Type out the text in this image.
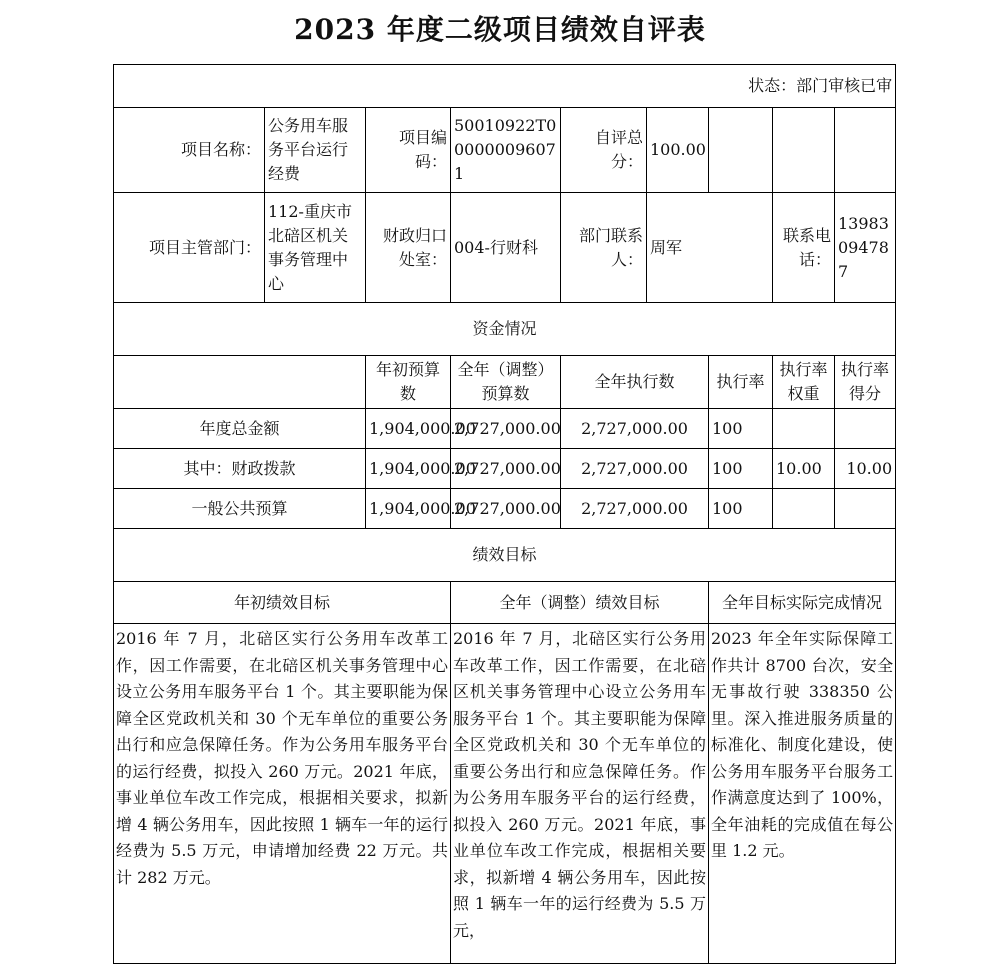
2023 年度二级项目绩效自评表
状态：部门审核已审								
项目名称：	公务用车服务平台运行经费	项目编码：	50010922T000000096071	自评总分：	100.00			
项目主管部门：	112-重庆市北碚区机关事务管理中心	财政归口处室：	004-行财科	部门联系人：	周军		联系电话：	13983094787
资金情况								
		年初预算数	全年（调整）预算数	全年执行数		执行率	执行率权重	执行率得分
年度总金额		1,904,000.00	2,727,000.00	2,727,000.00		100		
其中：财政拨款		1,904,000.00	2,727,000.00	2,727,000.00		100	10.00	10.00
一般公共预算		1,904,000.00	2,727,000.00	2,727,000.00		100		
绩效目标								
年初绩效目标			全年（调整）绩效目标			全年目标实际完成情况		
2016 年 7 月，北碚区实行公务用车改革工作，因工作需要，在北碚区机关事务管理中心设立公务用车服务平台 1 个。其主要职能为保障全区党政机关和 30 个无车单位的重要公务出行和应急保障任务。作为公务用车服务平台的运行经费，拟投入 260 万元。2021 年底，事业单位车改工作完成，根据相关要求，拟新增 4 辆公务用车，因此按照 1 辆车一年的运行经费为 5.5 万元，申请增加经费 22 万元。共计 282 万元。			2016 年 7 月，北碚区实行公务用车改革工作，因工作需要，在北碚区机关事务管理中心设立公务用车服务平台 1 个。其主要职能为保障全区党政机关和 30 个无车单位的重要公务出行和应急保障任务。作为公务用车服务平台的运行经费，拟投入 260 万元。2021 年底，事业单位车改工作完成，根据相关要求，拟新增 4 辆公务用车，因此按照 1 辆车一年的运行经费为 5.5 万元，			2023 年全年实际保障工作共计 8700 台次，安全无事故行驶 338350 公里。深入推进服务质量的标准化、制度化建设，使公务用车服务平台服务工作满意度达到了 100%，全年油耗的完成值在每公里 1.2 元。		
